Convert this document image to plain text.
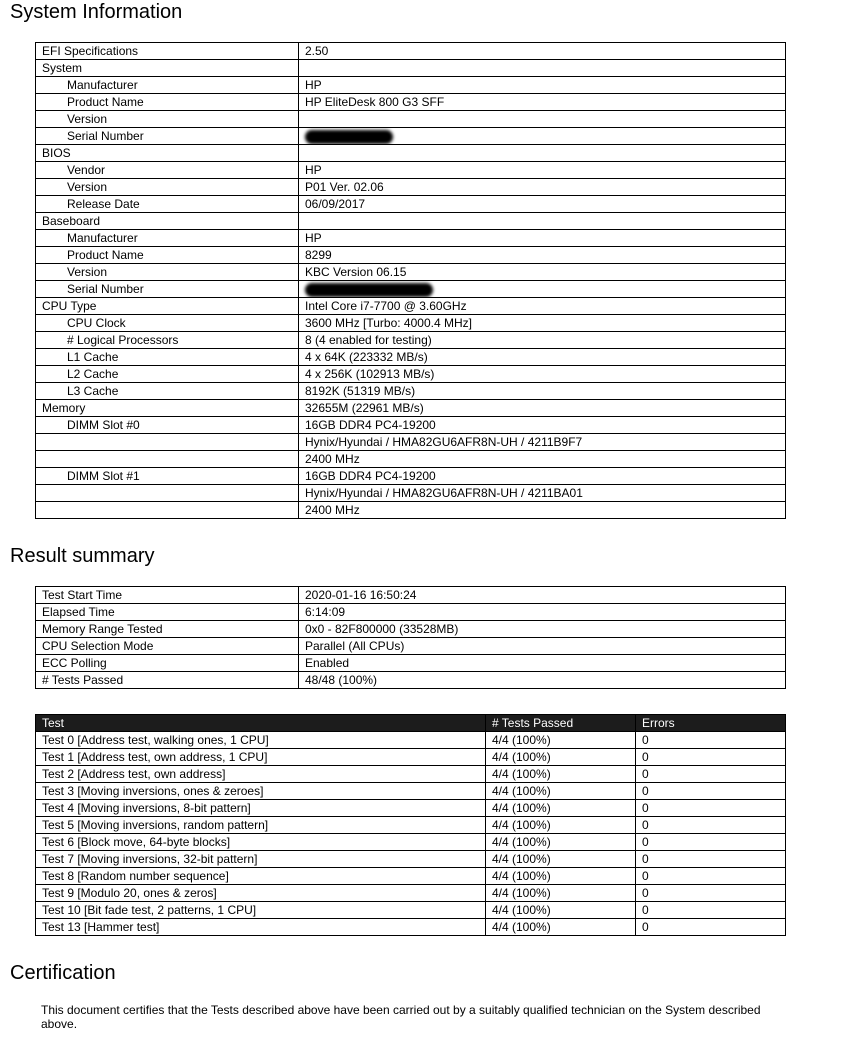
System Information
EFI Specifications	2.50
System	
Manufacturer	HP
Product Name	HP EliteDesk 800 G3 SFF
Version	
Serial Number	
BIOS	
Vendor	HP
Version	P01 Ver. 02.06
Release Date	06/09/2017
Baseboard	
Manufacturer	HP
Product Name	8299
Version	KBC Version 06.15
Serial Number	
CPU Type	Intel Core i7-7700 @ 3.60GHz
CPU Clock	3600 MHz [Turbo: 4000.4 MHz]
# Logical Processors	8 (4 enabled for testing)
L1 Cache	4 x 64K (223332 MB/s)
L2 Cache	4 x 256K (102913 MB/s)
L3 Cache	8192K (51319 MB/s)
Memory	32655M (22961 MB/s)
DIMM Slot #0	16GB DDR4 PC4-19200
	Hynix/Hyundai / HMA82GU6AFR8N-UH / 4211B9F7
	2400 MHz
DIMM Slot #1	16GB DDR4 PC4-19200
	Hynix/Hyundai / HMA82GU6AFR8N-UH / 4211BA01
	2400 MHz
Result summary
Test Start Time	2020-01-16 16:50:24
Elapsed Time	6:14:09
Memory Range Tested	0x0 - 82F800000 (33528MB)
CPU Selection Mode	Parallel (All CPUs)
ECC Polling	Enabled
# Tests Passed	48/48 (100%)
Test	# Tests Passed	Errors
Test 0 [Address test, walking ones, 1 CPU]	4/4 (100%)	0
Test 1 [Address test, own address, 1 CPU]	4/4 (100%)	0
Test 2 [Address test, own address]	4/4 (100%)	0
Test 3 [Moving inversions, ones & zeroes]	4/4 (100%)	0
Test 4 [Moving inversions, 8-bit pattern]	4/4 (100%)	0
Test 5 [Moving inversions, random pattern]	4/4 (100%)	0
Test 6 [Block move, 64-byte blocks]	4/4 (100%)	0
Test 7 [Moving inversions, 32-bit pattern]	4/4 (100%)	0
Test 8 [Random number sequence]	4/4 (100%)	0
Test 9 [Modulo 20, ones & zeros]	4/4 (100%)	0
Test 10 [Bit fade test, 2 patterns, 1 CPU]	4/4 (100%)	0
Test 13 [Hammer test]	4/4 (100%)	0
Certification

This document certifies that the Tests described above have been carried out by a suitably qualified technician on the System described above.
